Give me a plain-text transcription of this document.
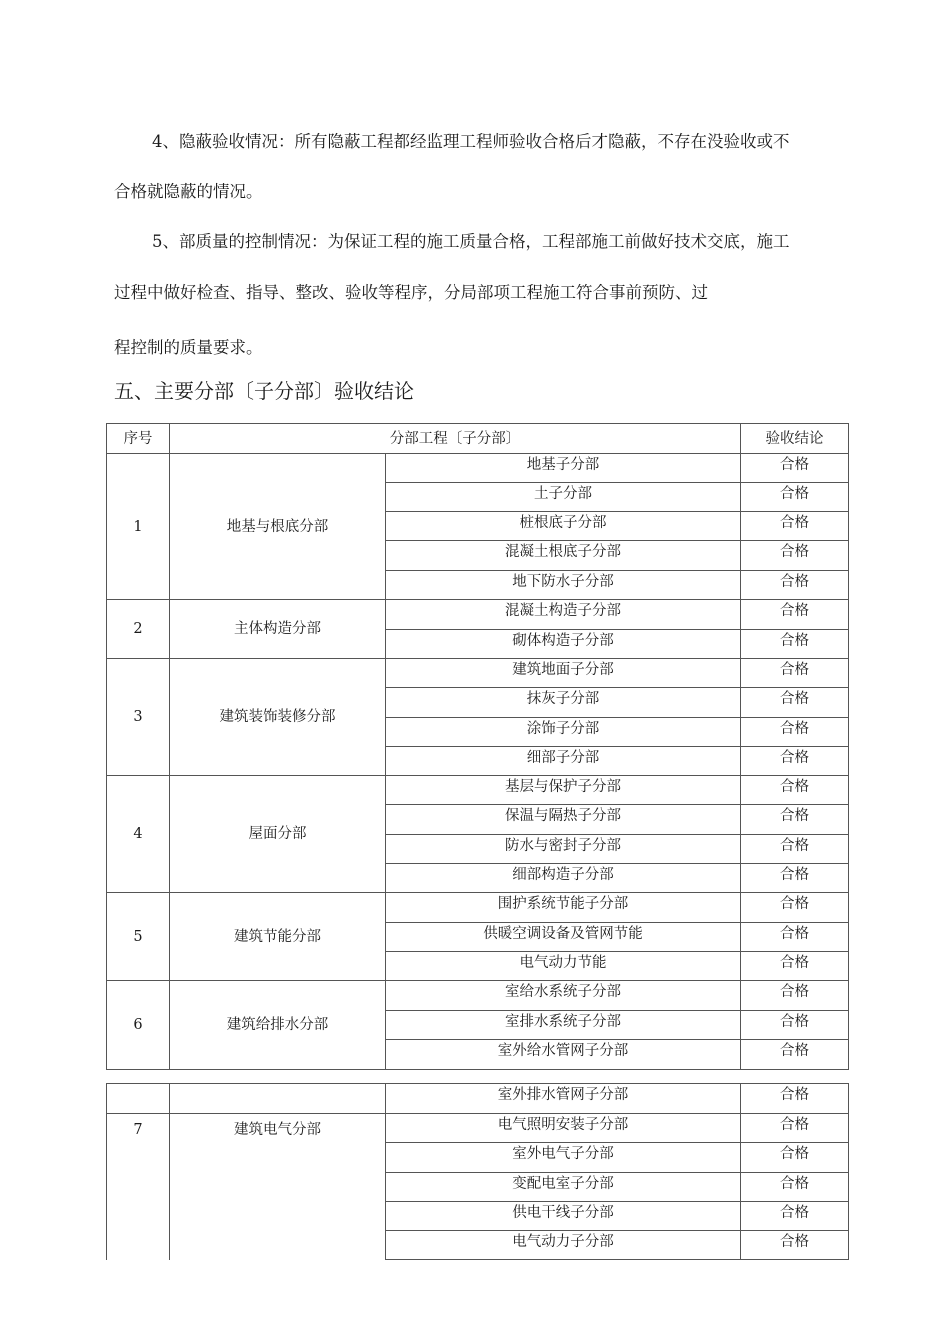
4、隐蔽验收情况：所有隐蔽工程都经监理工程师验收合格后才隐蔽，不存在没验收或不

合格就隐蔽的情况。

5、部质量的控制情况：为保证工程的施工质量合格，工程部施工前做好技术交底，施工

过程中做好检查、指导、整改、验收等程序，分局部项工程施工符合事前预防、过

程控制的质量要求。

五、主要分部〔子分部〕验收结论
序号	分部工程〔子分部〕		验收结论
1	地基与根底分部	地基子分部	合格
		土子分部	合格
		桩根底子分部	合格
		混凝土根底子分部	合格
		地下防水子分部	合格
2	主体构造分部	混凝土构造子分部	合格
		砌体构造子分部	合格
3	建筑装饰装修分部	建筑地面子分部	合格
		抹灰子分部	合格
		涂饰子分部	合格
		细部子分部	合格
4	屋面分部	基层与保护子分部	合格
		保温与隔热子分部	合格
		防水与密封子分部	合格
		细部构造子分部	合格
5	建筑节能分部	围护系统节能子分部	合格
		供暖空调设备及管网节能	合格
		电气动力节能	合格
6	建筑给排水分部	室给水系统子分部	合格
		室排水系统子分部	合格
		室外给水管网子分部	合格
		室外排水管网子分部	合格
7	建筑电气分部	电气照明安装子分部	合格
		室外电气子分部	合格
		变配电室子分部	合格
		供电干线子分部	合格
		电气动力子分部	合格
